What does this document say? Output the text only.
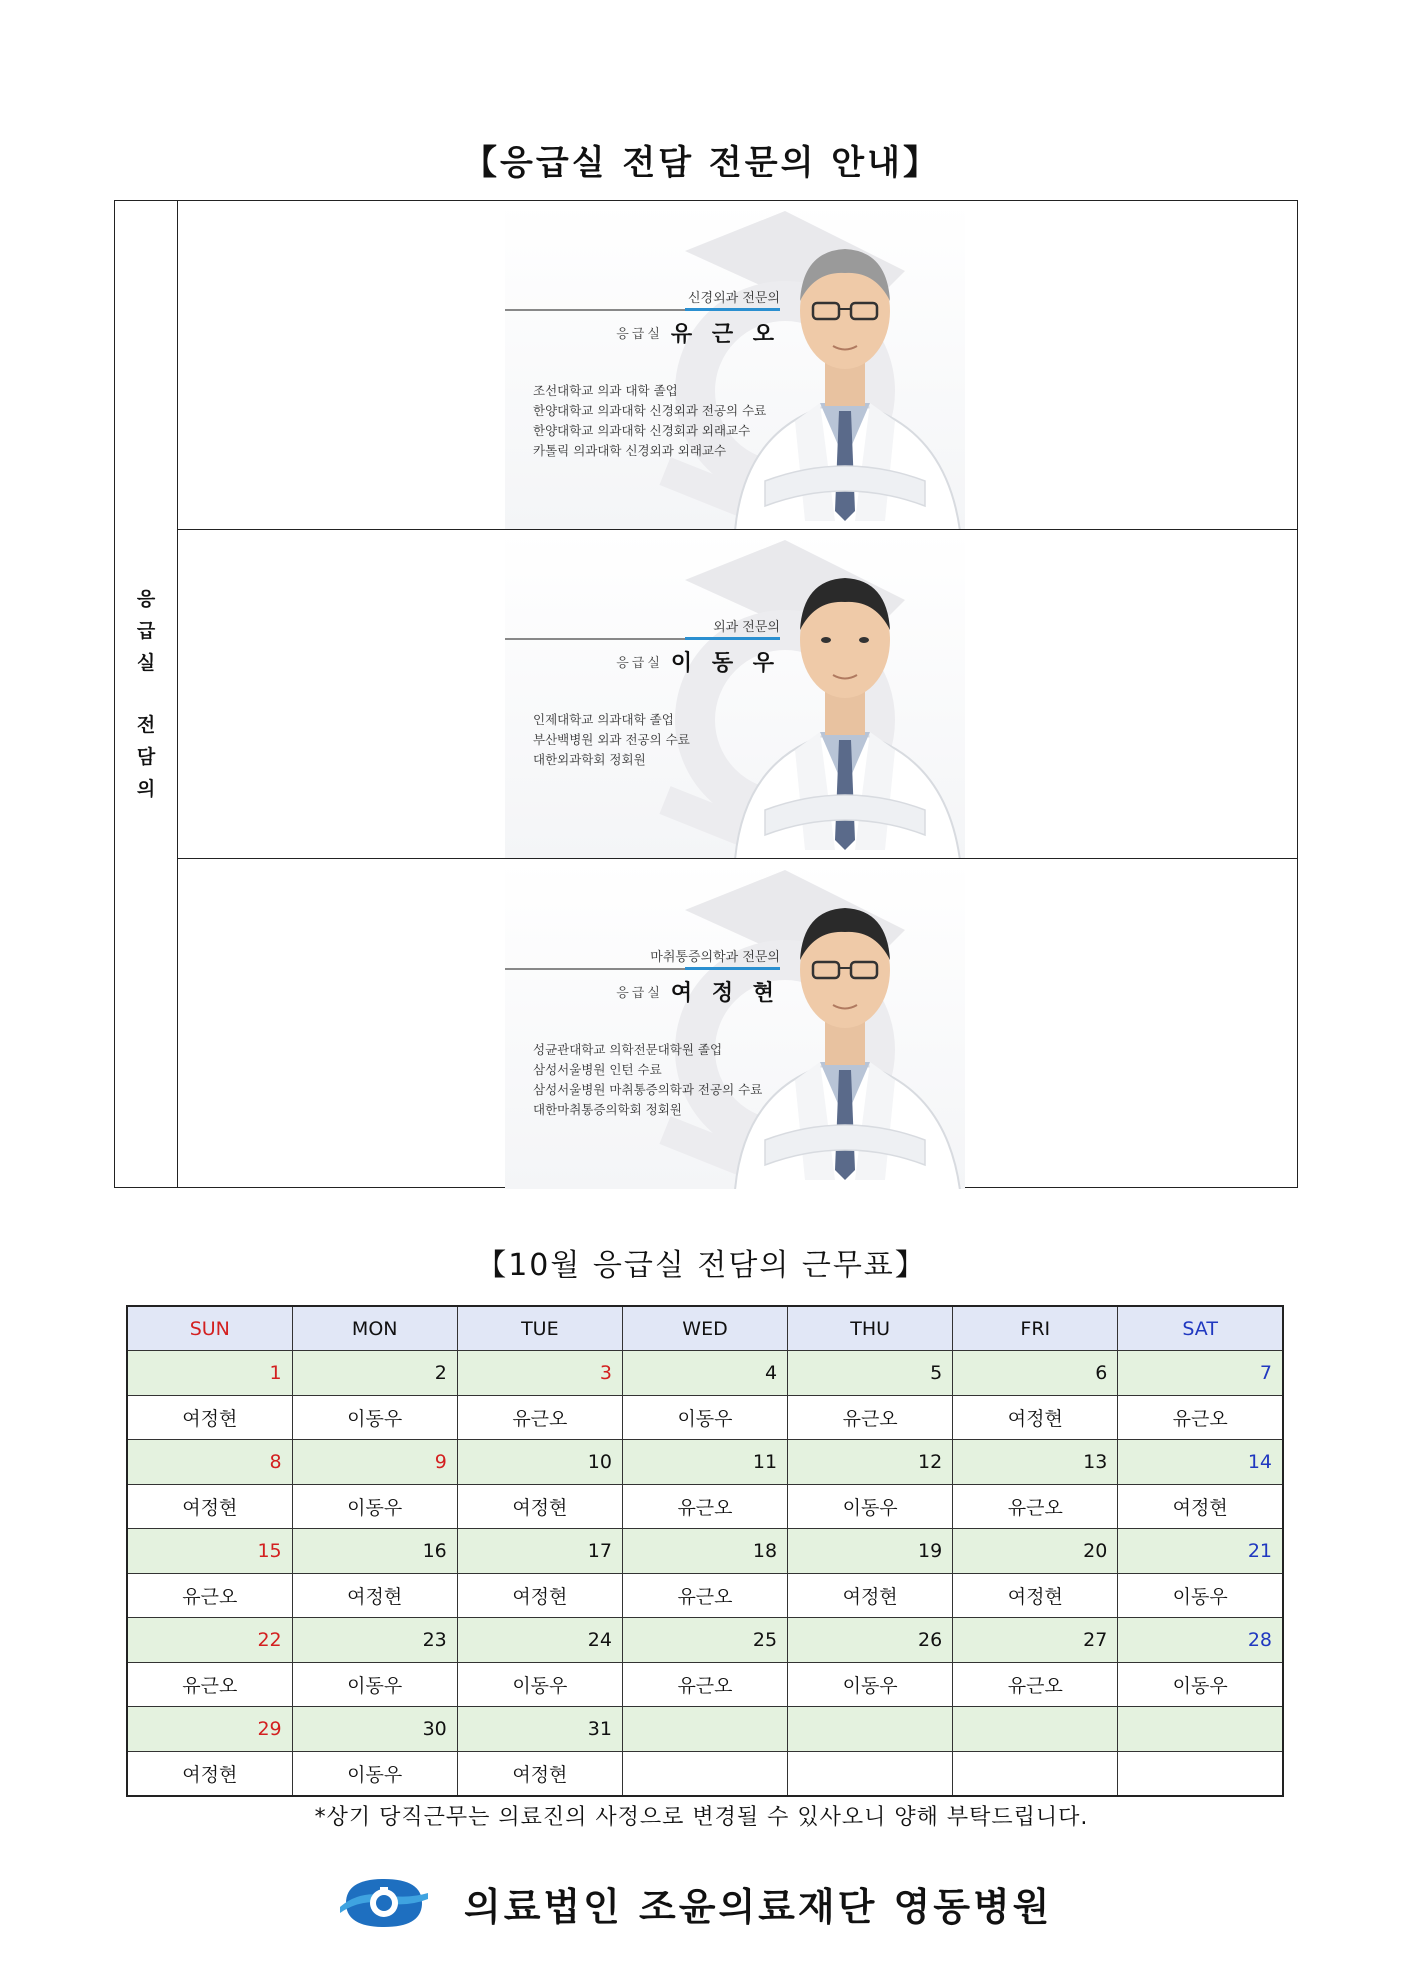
【응급실 전담 전문의 안내】
응
급
실
전
담
의
신경외과 전문의
응급실 유 근 오
조선대학교 의과 대학 졸업
한양대학교 의과대학 신경외과 전공의 수료
한양대학교 의과대학 신경회과 외래교수
카톨릭 의과대학 신경외과 외래교수
외과 전문의
응급실 이 동 우
인제대학교 의과대학 졸업
부산백병원 외과 전공의 수료
대한외과학회 정회원
마취통증의학과 전문의
응급실 여 정 현
성균관대학교 의학전문대학원 졸업
삼성서울병원 인턴 수료
삼성서울병원 마취통증의학과 전공의 수료
대한마취통증의학회 정회원
【10월 응급실 전담의 근무표】
SUN	MON	TUE	WED	THU	FRI	SAT
1	2	3	4	5	6	7
여정현	이동우	유근오	이동우	유근오	여정현	유근오
8	9	10	11	12	13	14
여정현	이동우	여정현	유근오	이동우	유근오	여정현
15	16	17	18	19	20	21
유근오	여정현	여정현	유근오	여정현	여정현	이동우
22	23	24	25	26	27	28
유근오	이동우	이동우	유근오	이동우	유근오	이동우
29	30	31				
여정현	이동우	여정현				
*상기 당직근무는 의료진의 사정으로 변경될 수 있사오니 양해 부탁드립니다.
의료법인 조윤의료재단 영동병원
